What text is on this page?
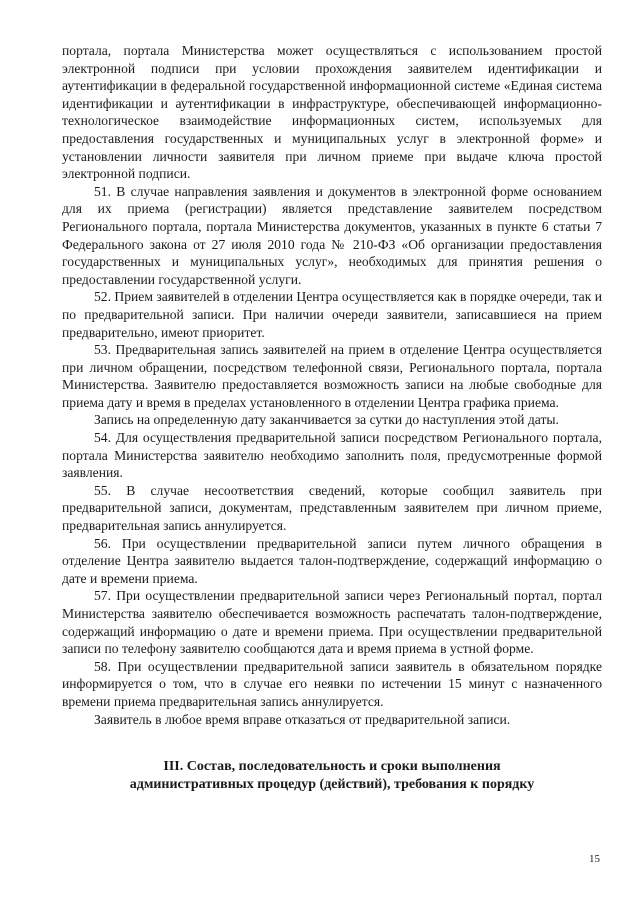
портала, портала Министерства может осуществляться с использованием простой электронной подписи при условии прохождения заявителем идентификации и аутентификации в федеральной государственной информационной системе «Единая система идентификации и аутентификации в инфраструктуре, обеспечивающей информационно-технологическое взаимодействие информационных систем, используемых для предоставления государственных и муниципальных услуг в электронной форме» и установлении личности заявителя при личном приеме при выдаче ключа простой электронной подписи.

51. В случае направления заявления и документов в электронной форме основанием для их приема (регистрации) является представление заявителем посредством Регионального портала, портала Министерства документов, указанных в пункте 6 статьи 7 Федерального закона от 27 июля 2010 года № 210-ФЗ «Об организации предоставления государственных и муниципальных услуг», необходимых для принятия решения о предоставлении государственной услуги.

52. Прием заявителей в отделении Центра осуществляется как в порядке очереди, так и по предварительной записи. При наличии очереди заявители, записавшиеся на прием предварительно, имеют приоритет.

53. Предварительная запись заявителей на прием в отделение Центра осуществляется при личном обращении, посредством телефонной связи, Регионального портала, портала Министерства. Заявителю предоставляется возможность записи на любые свободные для приема дату и время в пределах установленного в отделении Центра графика приема.

Запись на определенную дату заканчивается за сутки до наступления этой даты.

54. Для осуществления предварительной записи посредством Регионального портала, портала Министерства заявителю необходимо заполнить поля, предусмотренные формой заявления.

55. В случае несоответствия сведений, которые сообщил заявитель при предварительной записи, документам, представленным заявителем при личном приеме, предварительная запись аннулируется.

56. При осуществлении предварительной записи путем личного обращения в отделение Центра заявителю выдается талон-подтверждение, содержащий информацию о дате и времени приема.

57. При осуществлении предварительной записи через Региональный портал, портал Министерства заявителю обеспечивается возможность распечатать талон-подтверждение, содержащий информацию о дате и времени приема. При осуществлении предварительной записи по телефону заявителю сообщаются дата и время приема в устной форме.

58. При осуществлении предварительной записи заявитель в обязательном порядке информируется о том, что в случае его неявки по истечении 15 минут с назначенного времени приема предварительная запись аннулируется.

Заявитель в любое время вправе отказаться от предварительной записи.

III. Состав, последовательность и сроки выполнения
административных процедур (действий), требования к порядку
15
